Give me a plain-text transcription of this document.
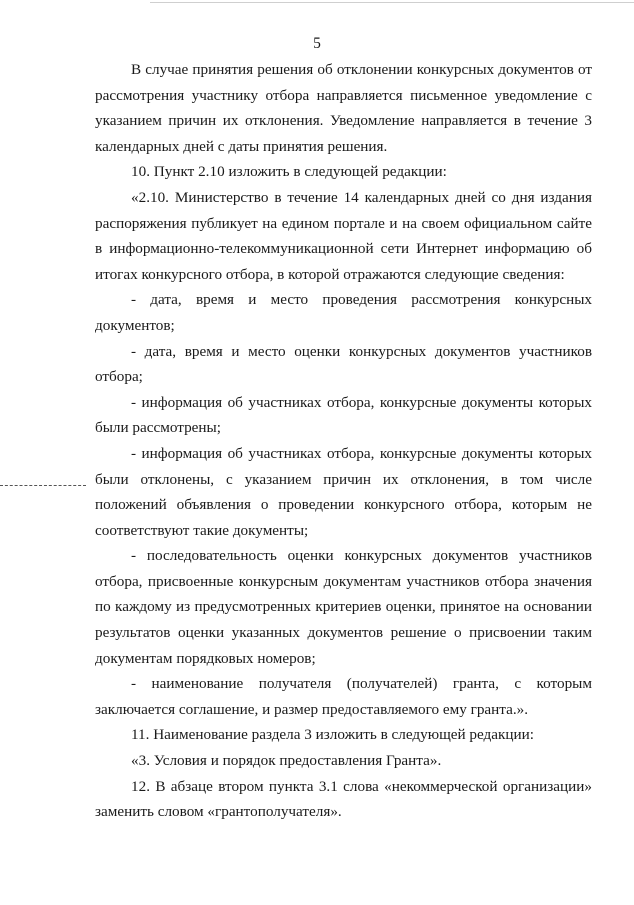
5

В случае принятия решения об отклонении конкурсных документов от рассмотрения участнику отбора направляется письменное уведомление с указанием причин их отклонения. Уведомление направляется в течение 3 календарных дней с даты принятия решения.

10. Пункт 2.10 изложить в следующей редакции:

«2.10. Министерство в течение 14 календарных дней со дня издания распоряжения публикует на едином портале и на своем официальном сайте в информационно-телекоммуникационной сети Интернет информацию об итогах конкурсного отбора, в которой отражаются следующие сведения:

- дата, время и место проведения рассмотрения конкурсных документов;

- дата, время и место оценки конкурсных документов участников отбора;

- информация об участниках отбора, конкурсные документы которых были рассмотрены;

- информация об участниках отбора, конкурсные документы которых были отклонены, с указанием причин их отклонения, в том числе положений объявления о проведении конкурсного отбора, которым не соответствуют такие документы;

- последовательность оценки конкурсных документов участников отбора, присвоенные конкурсным документам участников отбора значения по каждому из предусмотренных критериев оценки, принятое на основании результатов оценки указанных документов решение о присвоении таким документам порядковых номеров;

- наименование получателя (получателей) гранта, с которым заключается соглашение, и размер предоставляемого ему гранта.».

11. Наименование раздела 3 изложить в следующей редакции:

«3. Условия и порядок предоставления Гранта».

12. В абзаце втором пункта 3.1 слова «некоммерческой организации» заменить словом «грантополучателя».
